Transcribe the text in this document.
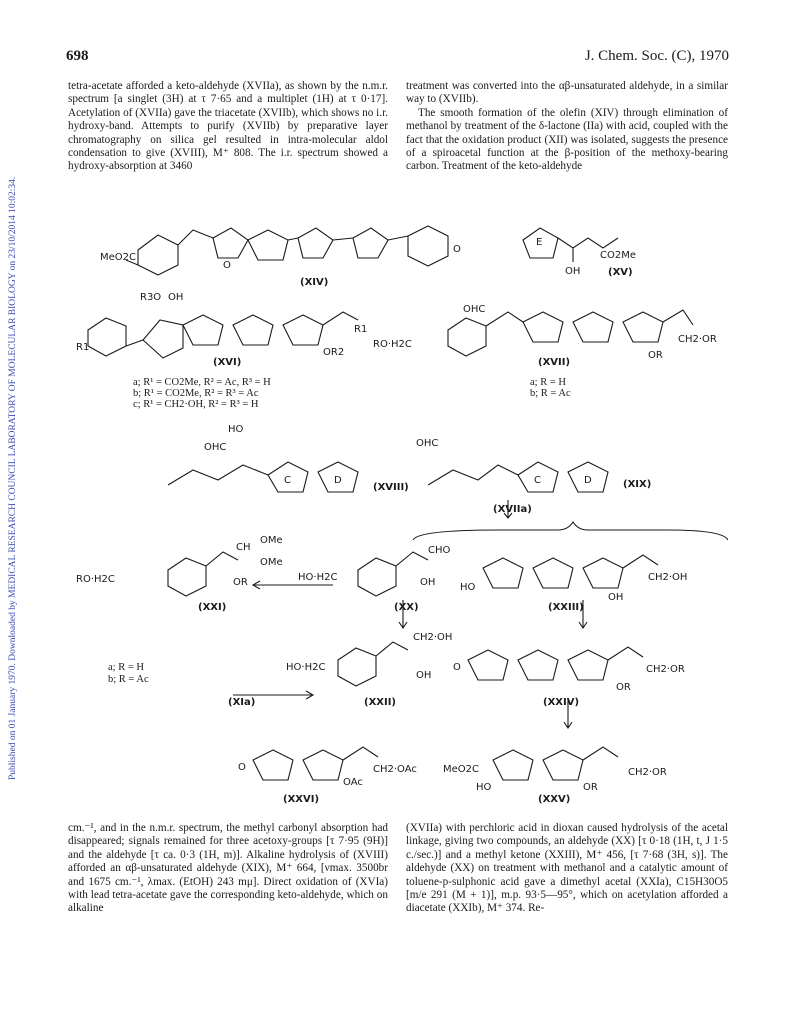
Published on 01 January 1970. Downloaded by MEDICAL RESEARCH COUNCIL LABORATORY OF MOLECULAR BIOLOGY on 23/10/2014 10:02:34.
698	J. Chem. Soc. (C), 1970

tetra-acetate afforded a keto-aldehyde (XVIIa), as shown by the n.m.r. spectrum [a singlet (3H) at τ 7·65 and a multiplet (1H) at τ 0·17]. Acetylation of (XVIIa) gave the triacetate (XVIIb), which shows no i.r. hydroxy-band. Attempts to purify (XVIIb) by preparative layer chromatography on silica gel resulted in intra-molecular aldol condensation to give (XVIII), M⁺ 808. The i.r. spectrum showed a hydroxy-absorption at 3460

treatment was converted into the αβ-unsaturated aldehyde, in a similar way to (XVIIb).

The smooth formation of the olefin (XIV) through elimination of methanol by treatment of the δ-lactone (IIa) with acid, coupled with the fact that the oxidation product (XII) was isolated, suggests the presence of a spiroacetal function at the β-position of the methoxy-bearing carbon. Treatment of the keto-aldehyde

MeO2C
O
O
(XIV)
E
OH
CO2Me
(XV)
R3O OH
R1
R1
OR2
(XVI)
a; R¹ = CO2Me, R² = Ac, R³ = H
b; R¹ = CO2Me, R² = R³ = Ac
c; R¹ = CH2·OH, R² = R³ = H
OHC
RO·H2C
OR
CH2·OR
(XVII)
a; R = H
b; R = Ac
HO
OHC
C	D
(XVIII)
OHC
C	D	(XIX)
(XVIIa)
RO·H2C
CH
OMe
OMe
OR
(XXI)
HO·H2C
CHO
OH
(XX)
HO
OH
CH2·OH
(XXIII)
a; R = H
b; R = Ac
(XIa)
HO·H2C
CH2·OH
OH
(XXII)
O
OR
CH2·OR
(XXIV)
O
OAc
CH2·OAc
(XXVI)
MeO2C
HO	OR
CH2·OR
(XXV)

cm.⁻¹, and in the n.m.r. spectrum, the methyl carbonyl absorption had disappeared; signals remained for three acetoxy-groups [τ 7·95 (9H)] and the aldehyde [τ ca. 0·3 (1H, m)]. Alkaline hydrolysis of (XVIII) afforded an αβ-unsaturated aldehyde (XIX), M⁺ 664, [νmax. 3500br and 1675 cm.⁻¹, λmax. (EtOH) 243 mμ]. Direct oxidation of (XVIa) with lead tetra-acetate gave the corresponding keto-aldehyde, which on alkaline

(XVIIa) with perchloric acid in dioxan caused hydrolysis of the acetal linkage, giving two compounds, an aldehyde (XX) [τ 0·18 (1H, t, J 1·5 c./sec.)] and a methyl ketone (XXIII), M⁺ 456, [τ 7·68 (3H, s)]. The aldehyde (XX) on treatment with methanol and a catalytic amount of toluene-p-sulphonic acid gave a dimethyl acetal (XXIa), C15H30O5 [m/e 291 (M + 1)], m.p. 93·5—95°, which on acetylation afforded a diacetate (XXIb), M⁺ 374. Re-
